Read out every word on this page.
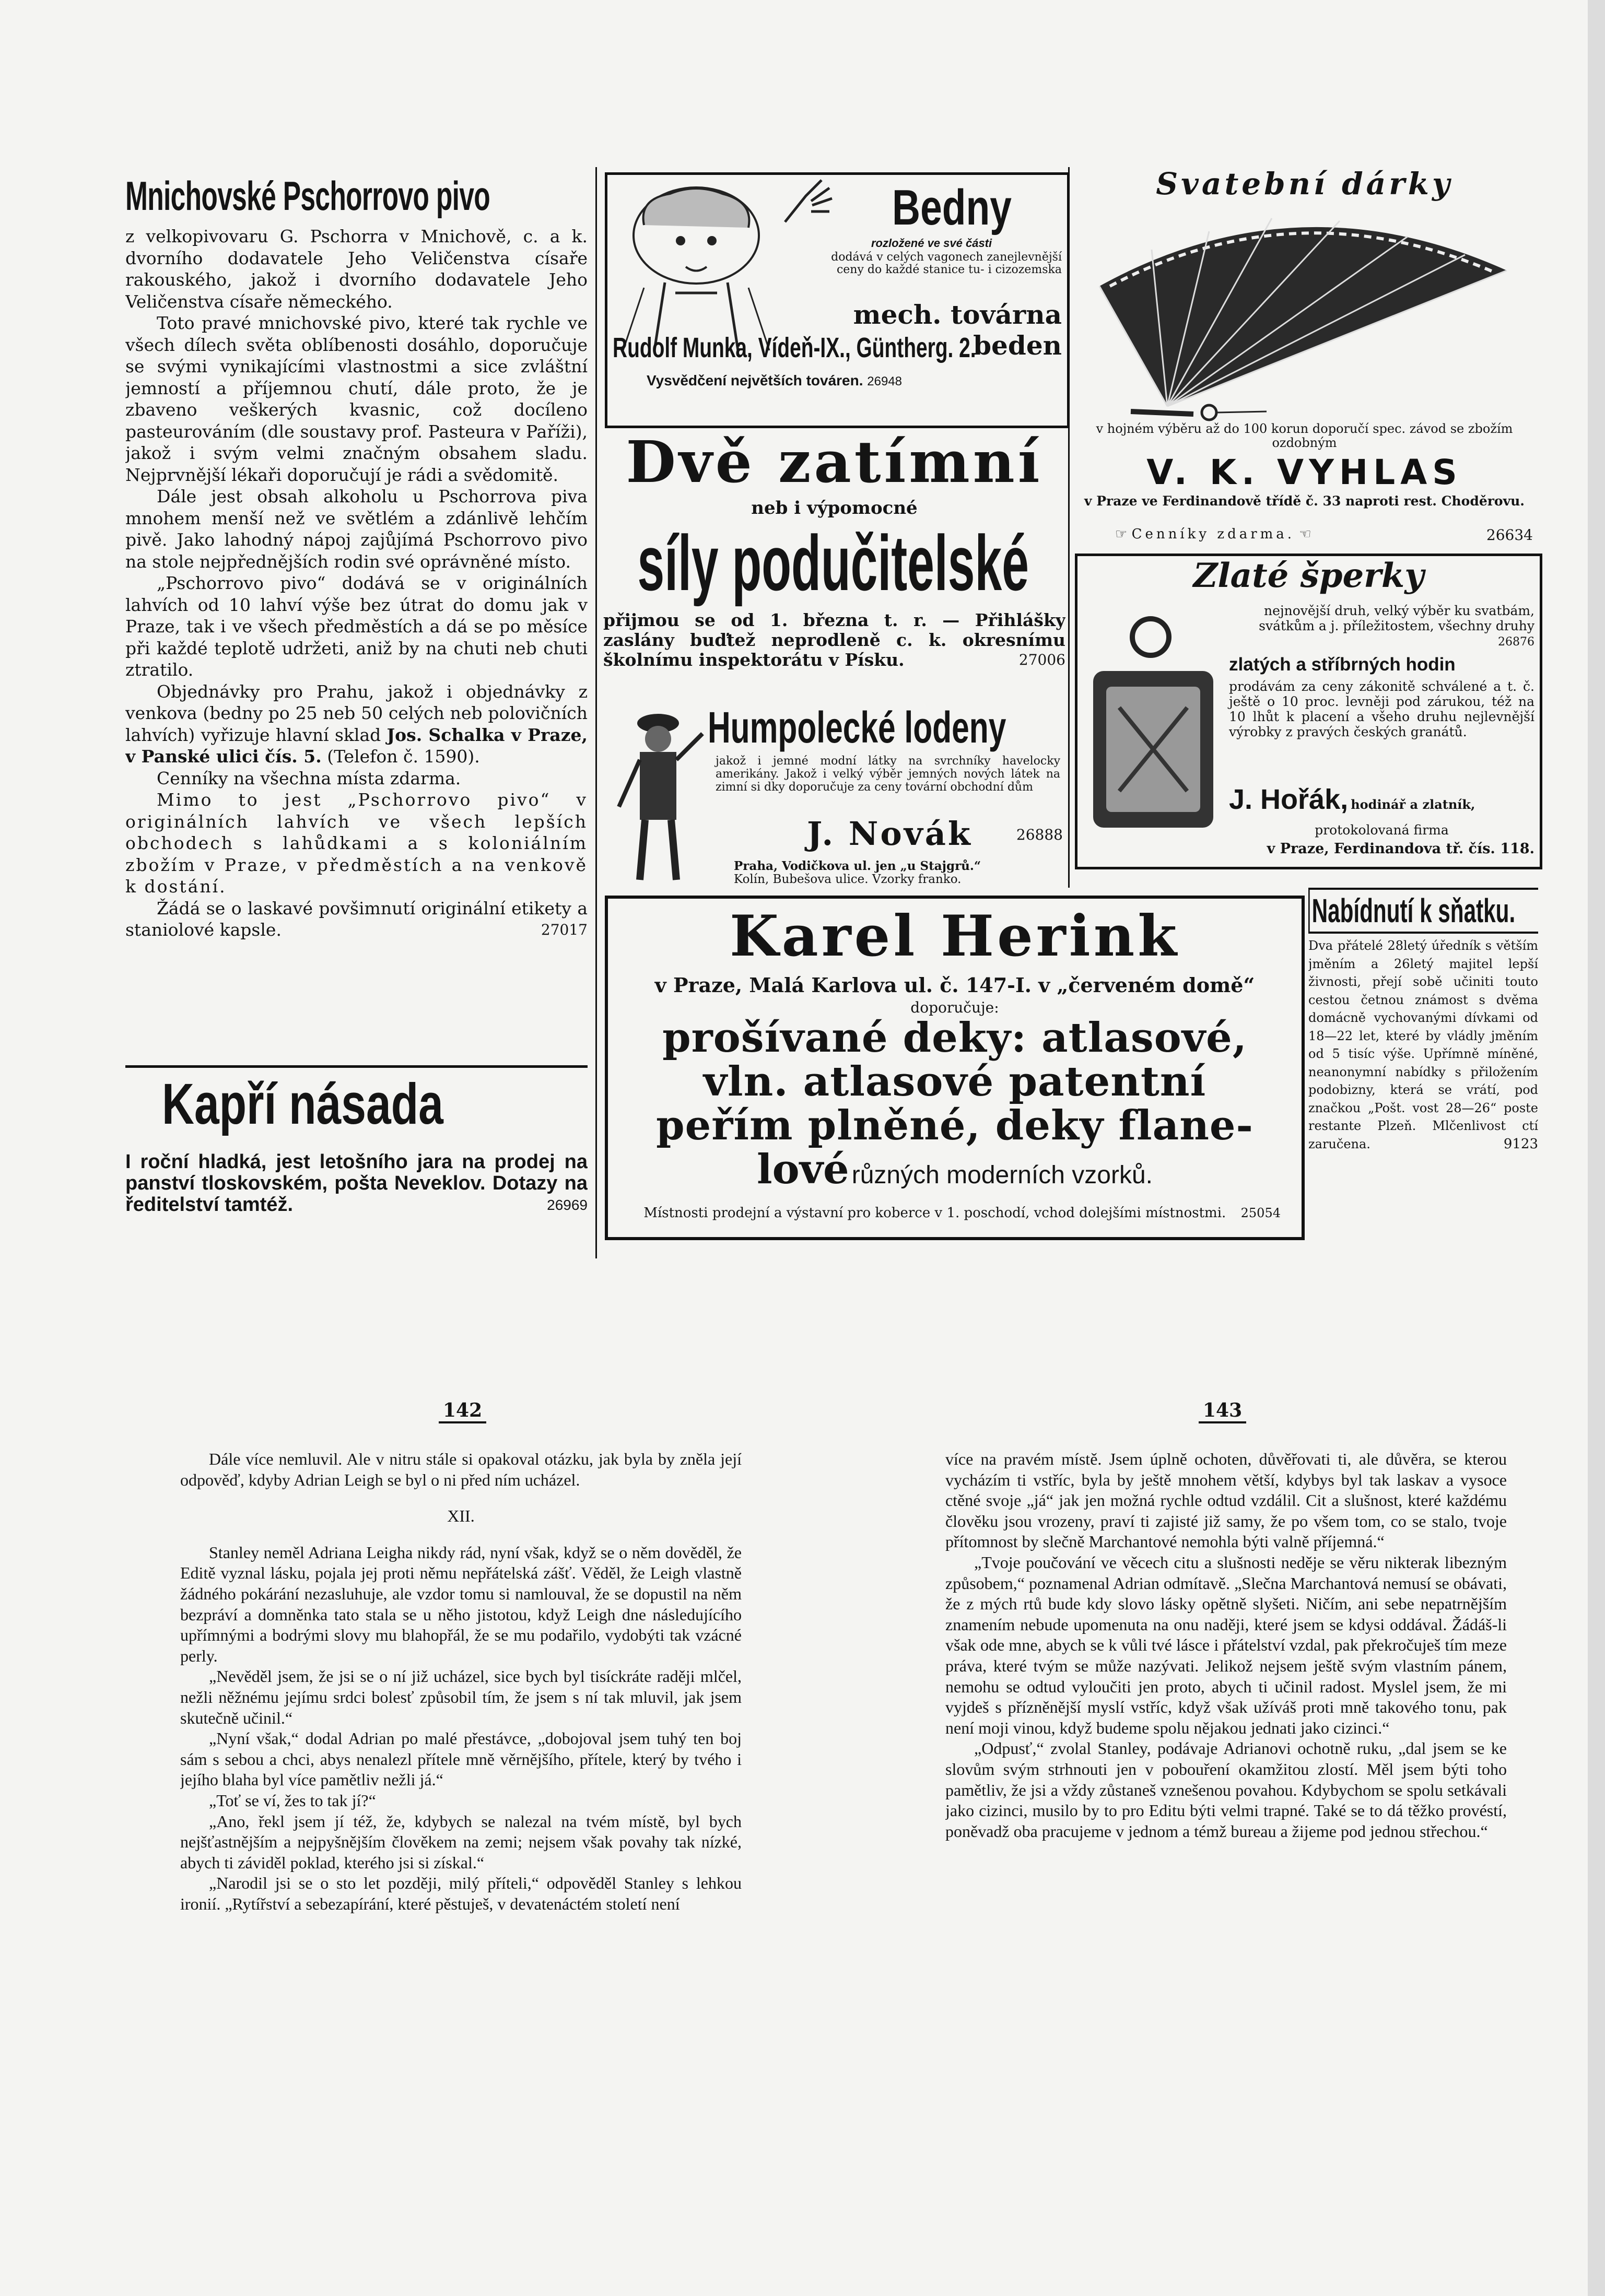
Mnichovské Pschorrovo pivo

z velkopivovaru G. Pschorra v Mnichově, c. a k. dvorního dodavatele Jeho Veličenstva císaře rakouského, jakož i dvorního dodavatele Jeho Veličenstva císaře německého.

Toto pravé mnichovské pivo, které tak rychle ve všech dílech světa oblíbenosti dosáhlo, doporučuje se svými vynikajícími vlastnostmi a sice zvláštní jemností a příjemnou chutí, dále proto, že je zbaveno veškerých kvasnic, což docíleno pasteurováním (dle soustavy prof. Pasteura v Paříži), jakož i svým velmi značným obsahem sladu. Nejprvnější lékaři doporučují je rádi a svědomitě.

Dále jest obsah alkoholu u Pschorrova piva mnohem menší než ve světlém a zdánlivě lehčím pivě. Jako lahodný nápoj zajůjímá Pschorrovo pivo na stole nejpřednějších rodin své oprávněné místo.

„Pschorrovo pivo“ dodává se v originálních lahvích od 10 lahví výše bez útrat do domu jak v Praze, tak i ve všech předměstích a dá se po měsíce při každé teplotě udržeti, aniž by na chuti neb chuti ztratilo.

Objednávky pro Prahu, jakož i objednávky z venkova (bedny po 25 neb 50 celých neb polovičních lahvích) vyřizuje hlavní sklad Jos. Schalka v Praze, v Panské ulici čís. 5. (Telefon č. 1590).

Cenníky na všechna místa zdarma.

Mimo to jest „Pschorrovo pivo“ v originálních lahvích ve všech lepších obchodech s lahůdkami a s koloniálním zbožím v Praze, v předměstích a na venkově k dostání.

Žádá se o laskavé povšimnutí originální etikety a staniolové kapsle.	27017

Kapří násada

I roční hladká, jest letošního jara na prodej na panství tloskovském, pošta Neveklov. Dotazy na ředitelství tamtéž.	26969

Bedny
rozložené ve své části
dodává v celých vagonech zanejlevnější ceny do každé stanice tu- i cizozemska
mech. továrna beden
Rudolf Munka, Vídeň-IX., Güntherg. 2.
Vysvědčení největších továren. 26948
Dvě zatímní
neb i výpomocné
síly podučitelské

přijmou se od 1. března t. r. — Přihlášky zaslány buďtež neprodleně c. k. okresnímu školnímu inspektorátu v Písku.	27006

Humpolecké lodeny
jakož i jemné modní látky na svrchníky havelocky amerikány. Jakož i velký výběr jemných nových látek na zimní si dky doporučuje za ceny tovární obchodní dům
J. Novák	26888
Praha, Vodičkova ul. jen „u Stajgrů.“
Kolín, Bubešova ulice. Vzorky franko.
Svatební dárky
v hojném výběru až do 100 korun doporučí spec. závod se zbožím ozdobným
V. K. VYHLAS
v Praze ve Ferdinandově třídě č. 33 naproti rest. Choděrovu.
☞ Cenníky zdarma. ☜	26634
Zlaté šperky
nejnovější druh, velký výběr ku svatbám, svátkům a j. příležitostem, všechny druhy 26876
zlatých a stříbrných hodin
prodávám za ceny zákonitě schválené a t. č. ještě o 10 proc. levněji pod zárukou, též na 10 lhůt k placení a všeho druhu nejlevnější výrobky z pravých českých granátů.
J. Hořák, hodinář a zlatník,
protokolovaná firma
v Praze, Ferdinandova tř. čís. 118.
Karel Herink
v Praze, Malá Karlova ul. č. 147-I. v „červeném domě“
doporučuje:
prošívané deky: atlasové,
vln. atlasové patentní
peřím plněné, deky flane-
lové různých moderních vzorků.
Místnosti prodejní a výstavní pro koberce v 1. poschodí, vchod dolejšími místnostmi. 25054
Nabídnutí k sňatku.

Dva přátelé 28letý úředník s větším jměním a 26letý majitel lepší živnosti, přejí sobě učiniti touto cestou četnou známost s dvěma domácně vychovanými dívkami od 18—22 let, které by vládly jměním od 5 tisíc výše. Upřímně míněné, neanonymní nabídky s přiložením podobizny, která se vrátí, pod značkou „Pošt. vost 28—26“ poste restante Plzeň. Mlčenlivost ctí zaručena.	9123

142	143

Dále více nemluvil. Ale v nitru stále si opakoval otázku, jak byla by zněla její odpověď, kdyby Adrian Leigh se byl o ni před ním ucházel.

XII.

Stanley neměl Adriana Leigha nikdy rád, nyní však, když se o něm dověděl, že Editě vyznal lásku, pojala jej proti němu nepřátelská zášť. Věděl, že Leigh vlastně žádného pokárání nezasluhuje, ale vzdor tomu si namlouval, že se dopustil na něm bezpráví a domněnka tato stala se u něho jistotou, když Leigh dne následujícího upřímnými a bodrými slovy mu blahopřál, že se mu podařilo, vydobýti tak vzácné perly.

„Nevěděl jsem, že jsi se o ní již ucházel, sice bych byl tisíckráte raději mlčel, nežli něžnému jejímu srdci bolesť způsobil tím, že jsem s ní tak mluvil, jak jsem skutečně učinil.“

„Nyní však,“ dodal Adrian po malé přestávce, „dobojoval jsem tuhý ten boj sám s sebou a chci, abys nenalezl přítele mně věrnějšího, přítele, který by tvého i jejího blaha byl více pamětliv nežli já.“

„Toť se ví, žes to tak jí?“

„Ano, řekl jsem jí též, že, kdybych se nalezal na tvém místě, byl bych nejšťastnějším a nejpyšnějším člověkem na zemi; nejsem však povahy tak nízké, abych ti záviděl poklad, kterého jsi si získal.“

„Narodil jsi se o sto let později, milý příteli,“ odpověděl Stanley s lehkou ironií. „Rytířství a sebezapírání, které pěstuješ, v devatenáctém století není

více na pravém místě. Jsem úplně ochoten, důvěřovati ti, ale důvěra, se kterou vycházím ti vstříc, byla by ještě mnohem větší, kdybys byl tak laskav a vysoce ctěné svoje „já“ jak jen možná rychle odtud vzdálil. Cit a slušnost, které každému člověku jsou vrozeny, praví ti zajisté již samy, že po všem tom, co se stalo, tvoje přítomnost by slečně Marchantové nemohla býti valně příjemná.“

„Tvoje poučování ve věcech citu a slušnosti neděje se věru nikterak libezným způsobem,“ poznamenal Adrian odmítavě. „Slečna Marchantová nemusí se obávati, že z mých rtů bude kdy slovo lásky opětně slyšeti. Ničím, ani sebe nepatrnějším znamením nebude upomenuta na onu naději, které jsem se kdysi oddával. Žádáš-li však ode mne, abych se k vůli tvé lásce i přátelství vzdal, pak překročuješ tím meze práva, které tvým se může nazývati. Jelikož nejsem ještě svým vlastním pánem, nemohu se odtud vyloučiti jen proto, abych ti učinil radost. Myslel jsem, že mi vyjdeš s přízněnější myslí vstříc, když však užíváš proti mně takového tonu, pak není moji vinou, když budeme spolu nějakou jednati jako cizinci.“

„Odpusť,“ zvolal Stanley, podávaje Adrianovi ochotně ruku, „dal jsem se ke slovům svým strhnouti jen v pobouření okamžitou zlostí. Měl jsem býti toho pamětliv, že jsi a vždy zůstaneš vznešenou povahou. Kdybychom se spolu setkávali jako cizinci, musilo by to pro Editu býti velmi trapné. Také se to dá těžko provéstí, poněvadž oba pracujeme v jednom a témž bureau a žijeme pod jednou střechou.“
